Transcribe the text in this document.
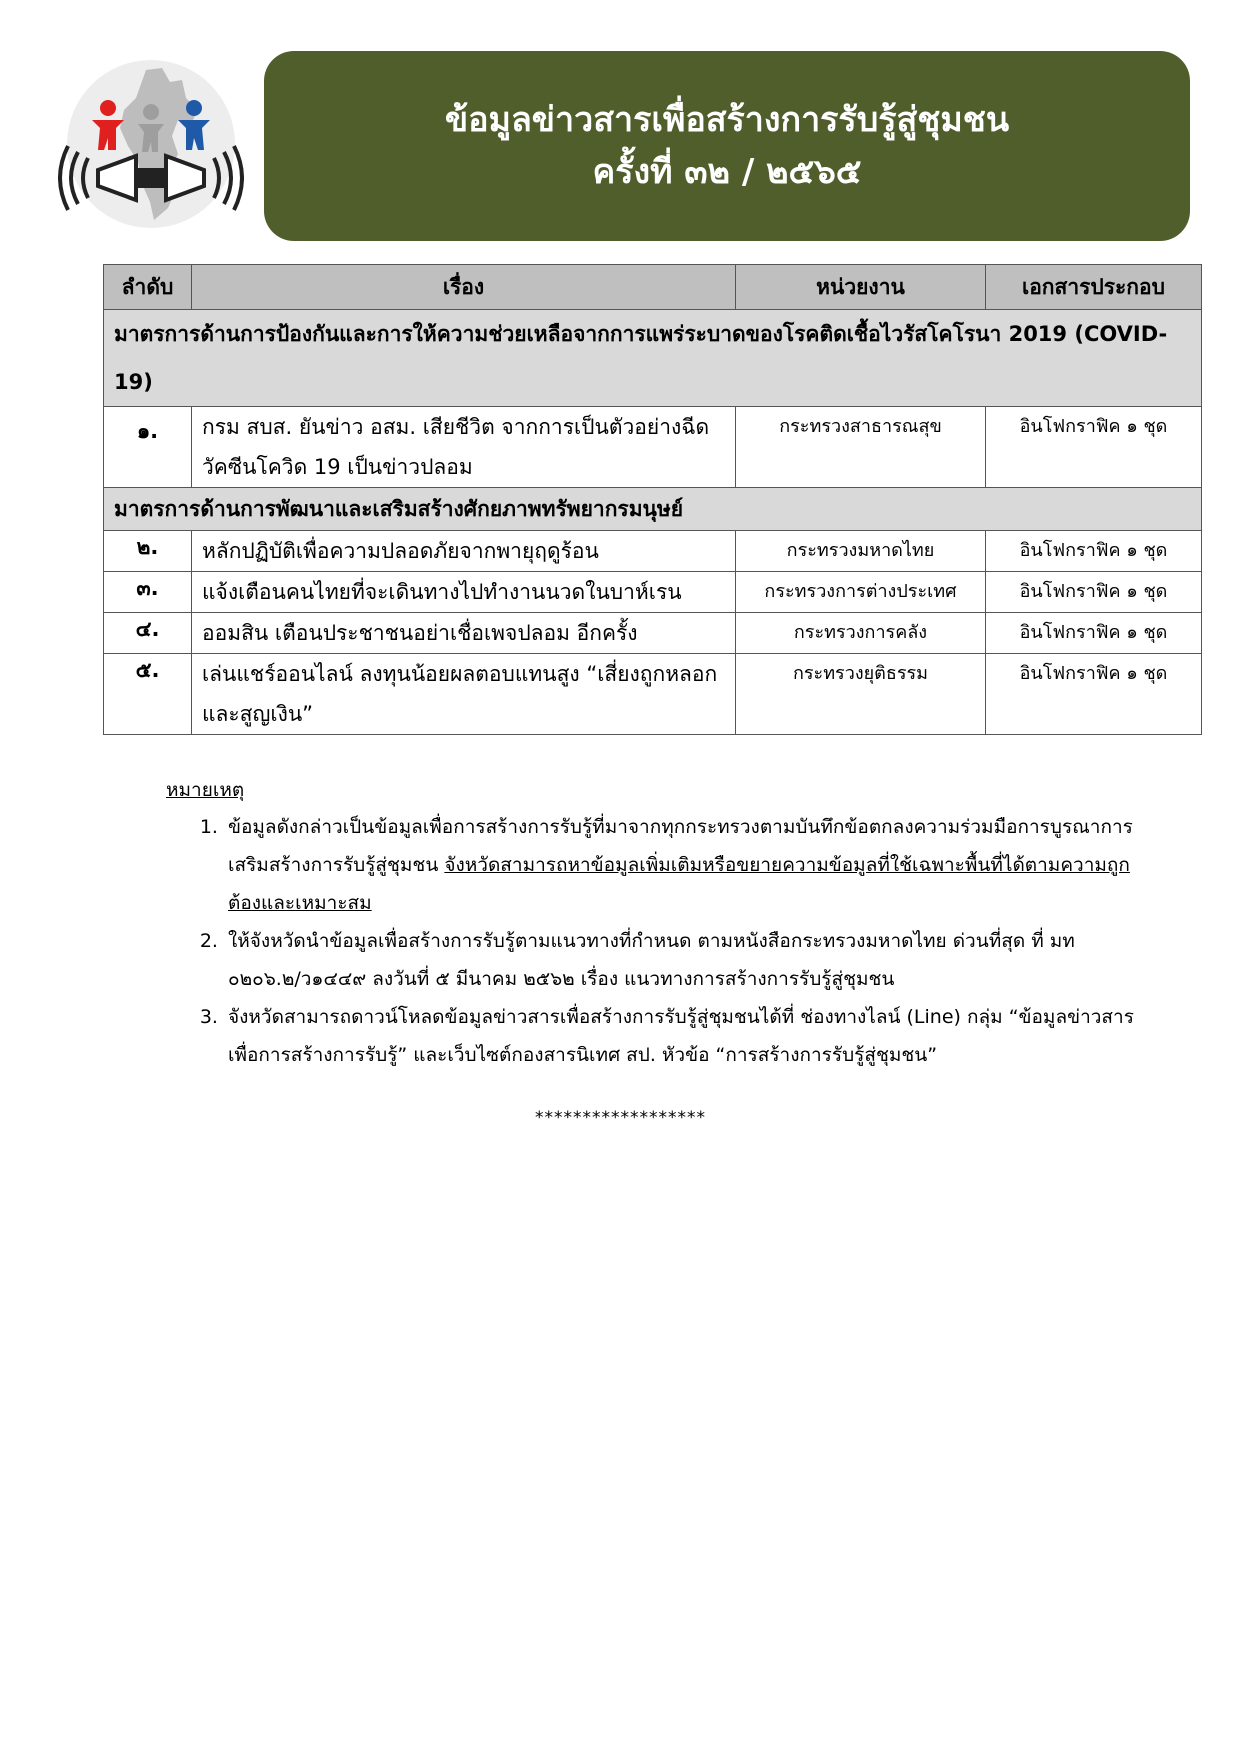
ข้อมูลข่าวสารเพื่อสร้างการรับรู้สู่ชุมชน
ครั้งที่ ๓๒ / ๒๕๖๕
ลำดับ	เรื่อง	หน่วยงาน	เอกสารประกอบ
มาตรการด้านการป้องกันและการให้ความช่วยเหลือจากการแพร่ระบาดของโรคติดเชื้อไวรัสโคโรนา 2019 (COVID-19)			
๑.	กรม สบส. ยันข่าว อสม. เสียชีวิต จากการเป็นตัวอย่างฉีดวัคซีนโควิด 19 เป็นข่าวปลอม	กระทรวงสาธารณสุข	อินโฟกราฟิค ๑ ชุด
มาตรการด้านการพัฒนาและเสริมสร้างศักยภาพทรัพยากรมนุษย์			
๒.	หลักปฏิบัติเพื่อความปลอดภัยจากพายุฤดูร้อน	กระทรวงมหาดไทย	อินโฟกราฟิค ๑ ชุด
๓.	แจ้งเตือนคนไทยที่จะเดินทางไปทำงานนวดในบาห์เรน	กระทรวงการต่างประเทศ	อินโฟกราฟิค ๑ ชุด
๔.	ออมสิน เตือนประชาชนอย่าเชื่อเพจปลอม อีกครั้ง	กระทรวงการคลัง	อินโฟกราฟิค ๑ ชุด
๕.	เล่นแชร์ออนไลน์ ลงทุนน้อยผลตอบแทนสูง “เสี่ยงถูกหลอกและสูญเงิน”	กระทรวงยุติธรรม	อินโฟกราฟิค ๑ ชุด
หมายเหตุ
1. ข้อมูลดังกล่าวเป็นข้อมูลเพื่อการสร้างการรับรู้ที่มาจากทุกกระทรวงตามบันทึกข้อตกลงความร่วมมือการบูรณาการเสริมสร้างการรับรู้สู่ชุมชน จังหวัดสามารถหาข้อมูลเพิ่มเติมหรือขยายความข้อมูลที่ใช้เฉพาะพื้นที่ได้ตามความถูกต้องและเหมาะสม
2. ให้จังหวัดนำข้อมูลเพื่อสร้างการรับรู้ตามแนวทางที่กำหนด ตามหนังสือกระทรวงมหาดไทย ด่วนที่สุด ที่ มท ๐๒๐๖.๒/ว๑๔๔๙ ลงวันที่ ๕ มีนาคม ๒๕๖๒ เรื่อง แนวทางการสร้างการรับรู้สู่ชุมชน
3. จังหวัดสามารถดาวน์โหลดข้อมูลข่าวสารเพื่อสร้างการรับรู้สู่ชุมชนได้ที่ ช่องทางไลน์ (Line) กลุ่ม “ข้อมูลข่าวสารเพื่อการสร้างการรับรู้” และเว็บไซต์กองสารนิเทศ สป. หัวข้อ “การสร้างการรับรู้สู่ชุมชน”
******************
